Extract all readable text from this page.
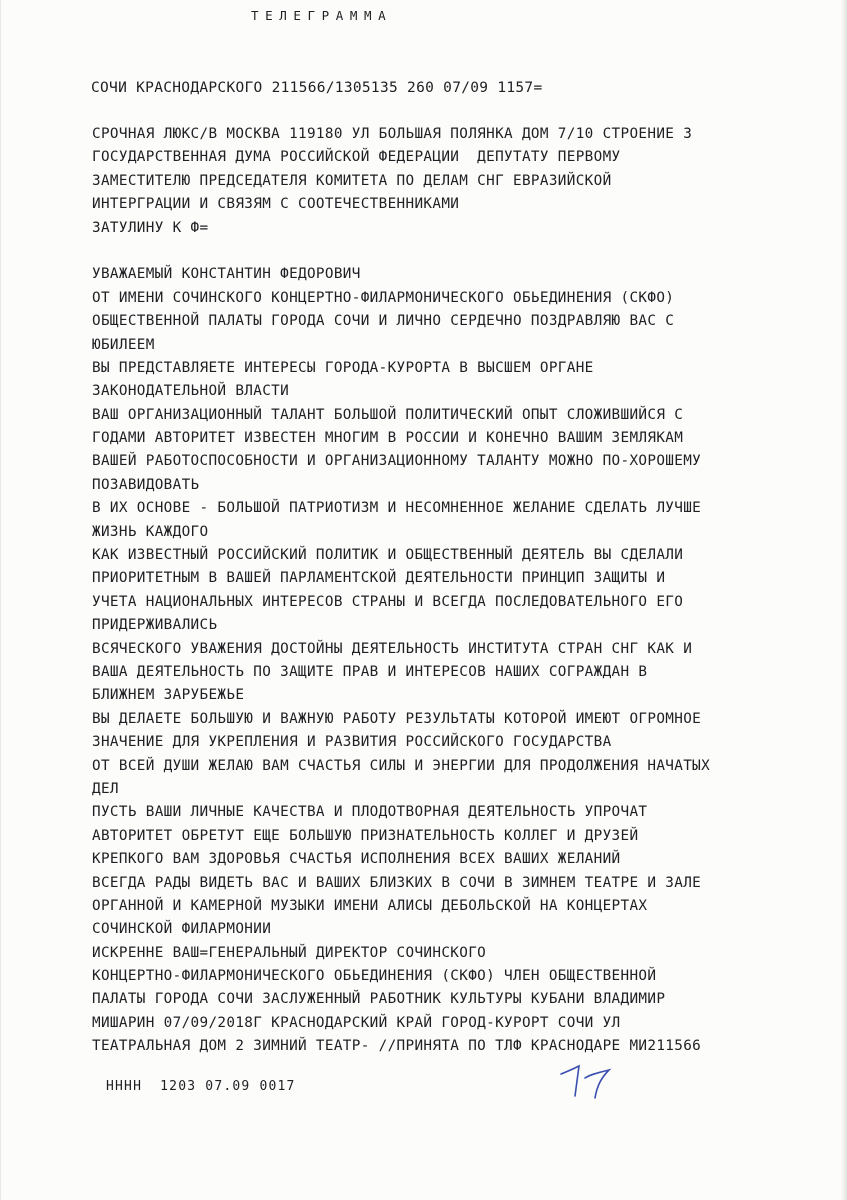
ТЕЛЕГРАММА
СОЧИ КРАСНОДАРСКОГО 211566/1305135 260 07/09 1157=
СРОЧНАЯ ЛЮКС/В МОСКВА 119180 УЛ БОЛЬШАЯ ПОЛЯНКА ДОМ 7/10 СТРОЕНИЕ 3
ГОСУДАРСТВЕННАЯ ДУМА РОССИЙСКОЙ ФЕДЕРАЦИИ  ДЕПУТАТУ ПЕРВОМУ
ЗАМЕСТИТЕЛЮ ПРЕДСЕДАТЕЛЯ КОМИТЕТА ПО ДЕЛАМ СНГ ЕВРАЗИЙСКОЙ
ИНТЕРГРАЦИИ И СВЯЗЯМ С СООТЕЧЕСТВЕННИКАМИ
ЗАТУЛИНУ К Ф=
УВАЖАЕМЫЙ КОНСТАНТИН ФЕДОРОВИЧ
ОТ ИМЕНИ СОЧИНСКОГО КОНЦЕРТНО-ФИЛАРМОНИЧЕСКОГО ОБЬЕДИНЕНИЯ (СКФО)
ОБЩЕСТВЕННОЙ ПАЛАТЫ ГОРОДА СОЧИ И ЛИЧНО СЕРДЕЧНО ПОЗДРАВЛЯЮ ВАС С
ЮБИЛЕЕМ
ВЫ ПРЕДСТАВЛЯЕТЕ ИНТЕРЕСЫ ГОРОДА-КУРОРТА В ВЫСШЕМ ОРГАНЕ
ЗАКОНОДАТЕЛЬНОЙ ВЛАСТИ
ВАШ ОРГАНИЗАЦИОННЫЙ ТАЛАНТ БОЛЬШОЙ ПОЛИТИЧЕСКИЙ ОПЫТ СЛОЖИВШИЙСЯ С
ГОДАМИ АВТОРИТЕТ ИЗВЕСТЕН МНОГИМ В РОССИИ И КОНЕЧНО ВАШИМ ЗЕМЛЯКАМ
ВАШЕЙ РАБОТОСПОСОБНОСТИ И ОРГАНИЗАЦИОННОМУ ТАЛАНТУ МОЖНО ПО-ХОРОШЕМУ
ПОЗАВИДОВАТЬ
В ИХ ОСНОВЕ - БОЛЬШОЙ ПАТРИОТИЗМ И НЕСОМНЕННОЕ ЖЕЛАНИЕ СДЕЛАТЬ ЛУЧШЕ
ЖИЗНЬ КАЖДОГО
КАК ИЗВЕСТНЫЙ РОССИЙСКИЙ ПОЛИТИК И ОБЩЕСТВЕННЫЙ ДЕЯТЕЛЬ ВЫ СДЕЛАЛИ
ПРИОРИТЕТНЫМ В ВАШЕЙ ПАРЛАМЕНТСКОЙ ДЕЯТЕЛЬНОСТИ ПРИНЦИП ЗАЩИТЫ И
УЧЕТА НАЦИОНАЛЬНЫХ ИНТЕРЕСОВ СТРАНЫ И ВСЕГДА ПОСЛЕДОВАТЕЛЬНОГО ЕГО
ПРИДЕРЖИВАЛИСЬ
ВСЯЧЕСКОГО УВАЖЕНИЯ ДОСТОЙНЫ ДЕЯТЕЛЬНОСТЬ ИНСТИТУТА СТРАН СНГ КАК И
ВАША ДЕЯТЕЛЬНОСТЬ ПО ЗАЩИТЕ ПРАВ И ИНТЕРЕСОВ НАШИХ СОГРАЖДАН В
БЛИЖНЕМ ЗАРУБЕЖЬЕ
ВЫ ДЕЛАЕТЕ БОЛЬШУЮ И ВАЖНУЮ РАБОТУ РЕЗУЛЬТАТЫ КОТОРОЙ ИМЕЮТ ОГРОМНОЕ
ЗНАЧЕНИЕ ДЛЯ УКРЕПЛЕНИЯ И РАЗВИТИЯ РОССИЙСКОГО ГОСУДАРСТВА
ОТ ВСЕЙ ДУШИ ЖЕЛАЮ ВАМ СЧАСТЬЯ СИЛЫ И ЭНЕРГИИ ДЛЯ ПРОДОЛЖЕНИЯ НАЧАТЫХ
ДЕЛ
ПУСТЬ ВАШИ ЛИЧНЫЕ КАЧЕСТВА И ПЛОДОТВОРНАЯ ДЕЯТЕЛЬНОСТЬ УПРОЧАТ
АВТОРИТЕТ ОБРЕТУТ ЕЩЕ БОЛЬШУЮ ПРИЗНАТЕЛЬНОСТЬ КОЛЛЕГ И ДРУЗЕЙ
КРЕПКОГО ВАМ ЗДОРОВЬЯ СЧАСТЬЯ ИСПОЛНЕНИЯ ВСЕХ ВАШИХ ЖЕЛАНИЙ
ВСЕГДА РАДЫ ВИДЕТЬ ВАС И ВАШИХ БЛИЗКИХ В СОЧИ В ЗИМНЕМ ТЕАТРЕ И ЗАЛЕ
ОРГАННОЙ И КАМЕРНОЙ МУЗЫКИ ИМЕНИ АЛИСЫ ДЕБОЛЬСКОЙ НА КОНЦЕРТАХ
СОЧИНСКОЙ ФИЛАРМОНИИ
ИСКРЕННЕ ВАШ=ГЕНЕРАЛЬНЫЙ ДИРЕКТОР СОЧИНСКОГО
КОНЦЕРТНО-ФИЛАРМОНИЧЕСКОГО ОБЬЕДИНЕНИЯ (СКФО) ЧЛЕН ОБЩЕСТВЕННОЙ
ПАЛАТЫ ГОРОДА СОЧИ ЗАСЛУЖЕННЫЙ РАБОТНИК КУЛЬТУРЫ КУБАНИ ВЛАДИМИР
МИШАРИН 07/09/2018Г КРАСНОДАРСКИЙ КРАЙ ГОРОД-КУРОРТ СОЧИ УЛ
ТЕАТРАЛЬНАЯ ДОМ 2 ЗИМНИЙ ТЕАТР- //ПРИНЯТА ПО ТЛФ КРАСНОДАРЕ МИ211566
НННН  1203 07.09 0017
